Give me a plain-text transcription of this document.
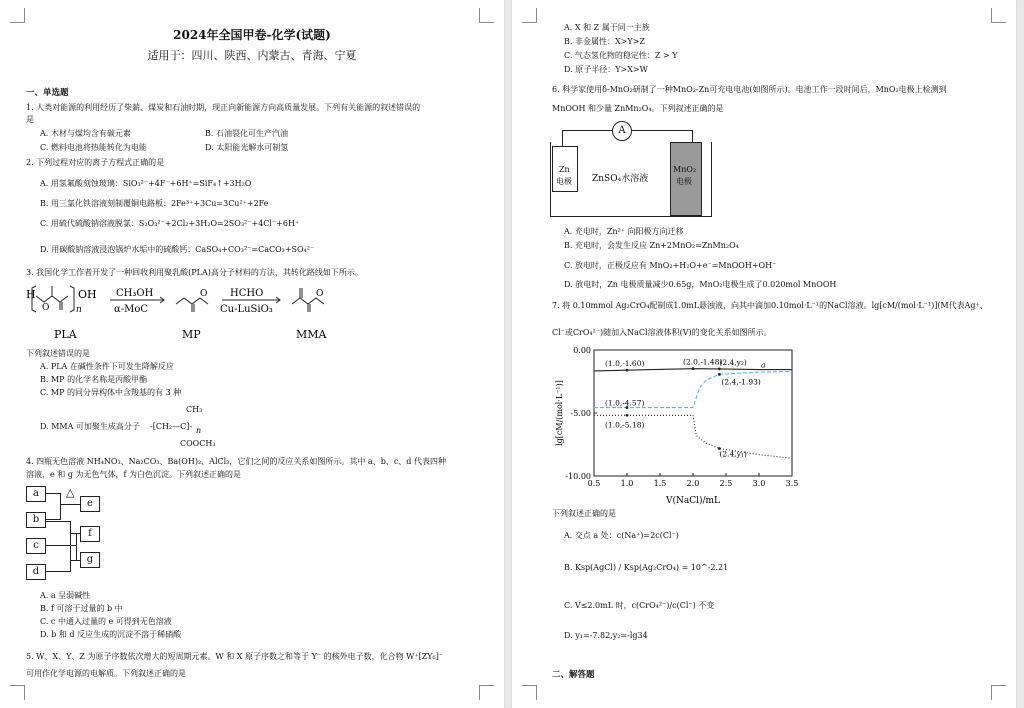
2024年全国甲卷-化学(试题)
适用于：四川、陕西、内蒙古、青海、宁夏
一、单选题
1. 人类对能源的利用经历了柴薪、煤炭和石油时期，现正向新能源方向高质量发展。下列有关能源的叙述错误的
是
A. 木材与煤均含有碳元素	B. 石油裂化可生产汽油
C. 燃料电池将热能转化为电能	D. 太阳能光解水可制氢
2. 下列过程对应的离子方程式正确的是
A. 用氢氟酸刻蚀玻璃：SiO₃²⁻+4F⁻+6H⁺=SiF₄↑+3H₂O
B. 用三氯化铁溶液刻制覆铜电路板：2Fe³⁺+3Cu=3Cu²⁺+2Fe
C. 用硫代硫酸钠溶液脱氯：S₂O₃²⁻+2Cl₂+3H₂O=2SO₃²⁻+4Cl⁻+6H⁺
D. 用碳酸钠溶液浸泡锅炉水垢中的硫酸钙：CaSO₄+CO₃²⁻=CaCO₃+SO₄²⁻
3. 我国化学工作者开发了一种回收利用聚乳酸(PLA)高分子材料的方法，其转化路线如下所示。
H
O
OH
n
CH₃OH
α-MoC
O HCHO
Cu-LuSiO₃
O
PLA	MP	MMA
下列叙述错误的是
A. PLA 在碱性条件下可发生降解反应
B. MP 的化学名称是丙酸甲酯
C. MP 的同分异构体中含羧基的有 3 种
D. MMA 可加聚生成高分子
CH₃
-[CH₂—C]- n
COOCH₃
4. 四瓶无色溶液 NH₄NO₃、Na₂CO₃、Ba(OH)₂、AlCl₃，它们之间的反应关系如图所示。其中 a、b、c、d 代表四种
溶液，e 和 g 为无色气体，f 为白色沉淀。下列叙述正确的是
a
b
c
d
e
f
g
△
A. a 呈弱碱性
B. f 可溶于过量的 b 中
C. c 中通入过量的 e 可得到无色溶液
D. b 和 d 反应生成的沉淀不溶于稀硝酸
5. W、X、Y、Z 为原子序数依次增大的短周期元素。W 和 X 原子序数之和等于 Y⁻ 的核外电子数，化合物 W⁺[ZY₆]⁻
可用作化学电源的电解质。下列叙述正确的是
A. X 和 Z 属于同一主族
B. 非金属性：X>Y>Z
C. 气态氢化物的稳定性：Z > Y
D. 原子半径：Y>X>W
6. 科学家使用δ-MnO₂研制了一种MnO₂-Zn可充电电池(如图所示)。电池工作一段时间后，MnO₂电极上检测到
MnOOH 和少量 ZnMn₂O₄。下列叙述正确的是
A
Zn
电极 ZnSO₄水溶液
MnO₂
电极
A. 充电时，Zn²⁺ 向阳极方向迁移
B. 充电时，会发生反应 Zn+2MnO₂=ZnMn₂O₄
C. 放电时，正极反应有 MnO₂+H₂O+e⁻=MnOOH+OH⁻
D. 放电时，Zn 电极质量减少0.65g，MnO₂电极生成了0.020mol MnOOH
7. 将 0.10mmol Ag₂CrO₄配制成1.0mL悬浊液，向其中滴加0.10mol·L⁻¹的NaCl溶液。lg[cM/(mol·L⁻¹)](M代表Ag⁺、
Cl⁻或CrO₄²⁻)随加入NaCl溶液体积(V)的变化关系如图所示。
0.5	1.0	1.5	2.0	2.5	3.0	3.5
0.00
-5.00
-10.00
(1.0,-1.60)	(2.0,-1.48)
(2.4,y₂) a
(2.4,-1.93)
(1.0,-4.57)
(1.0,-5.18)
(2.4,y₁)
V(NaCl)/mL
lg[cM/(mol·L⁻¹)]
下列叙述正确的是
A. 交点 a 处：c(Na⁺)=2c(Cl⁻)
B. Ksp(AgCl) / Ksp(Ag₂CrO₄) = 10^-2.21
C. V≤2.0mL 时，c(CrO₄²⁻)/c(Cl⁻) 不变
D. y₁=-7.82,y₂=-lg34
二、解答题
